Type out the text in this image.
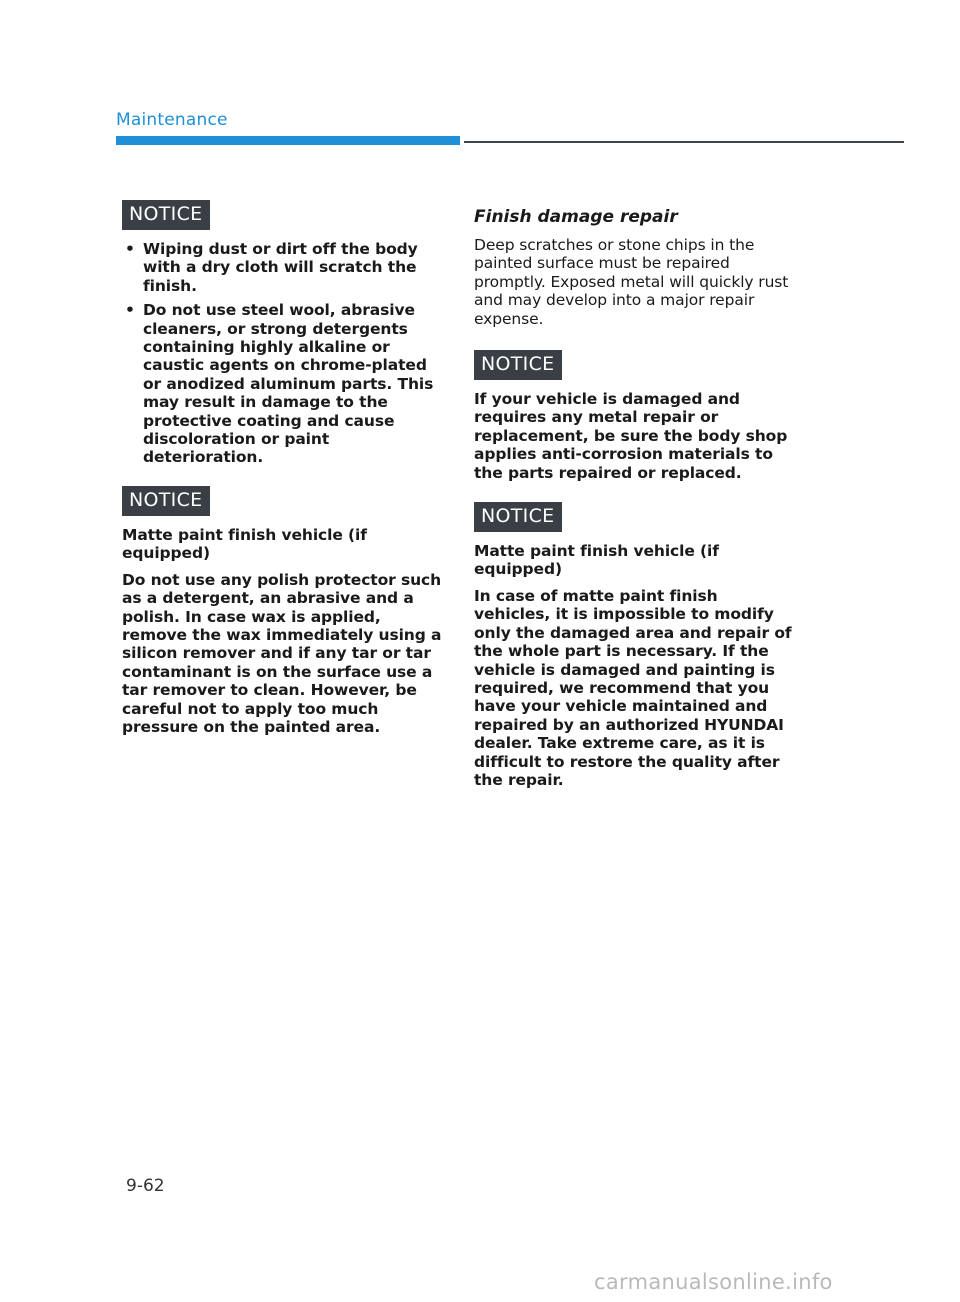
Maintenance
NOTICE
• Wiping dust or dirt off the body with a dry cloth will scratch the finish.
• Do not use steel wool, abrasive cleaners, or strong detergents containing highly alkaline or caustic agents on chrome-plated or anodized aluminum parts. This may result in damage to the protective coating and cause discoloration or paint deterioration.
NOTICE

Matte paint finish vehicle (if equipped)

Do not use any polish protector such as a detergent, an abrasive and a polish. In case wax is applied, remove the wax immediately using a silicon remover and if any tar or tar contaminant is on the surface use a tar remover to clean. However, be careful not to apply too much pressure on the painted area.

Finish damage repair

Deep scratches or stone chips in the painted surface must be repaired promptly. Exposed metal will quickly rust and may develop into a major repair expense.

NOTICE

If your vehicle is damaged and requires any metal repair or replacement, be sure the body shop applies anti-corrosion materials to the parts repaired or replaced.

NOTICE

Matte paint finish vehicle (if equipped)

In case of matte paint finish vehicles, it is impossible to modify only the damaged area and repair of the whole part is necessary. If the vehicle is damaged and painting is required, we recommend that you have your vehicle maintained and repaired by an authorized HYUNDAI dealer. Take extreme care, as it is difficult to restore the quality after the repair.

9-62
carmanualsonline.info
